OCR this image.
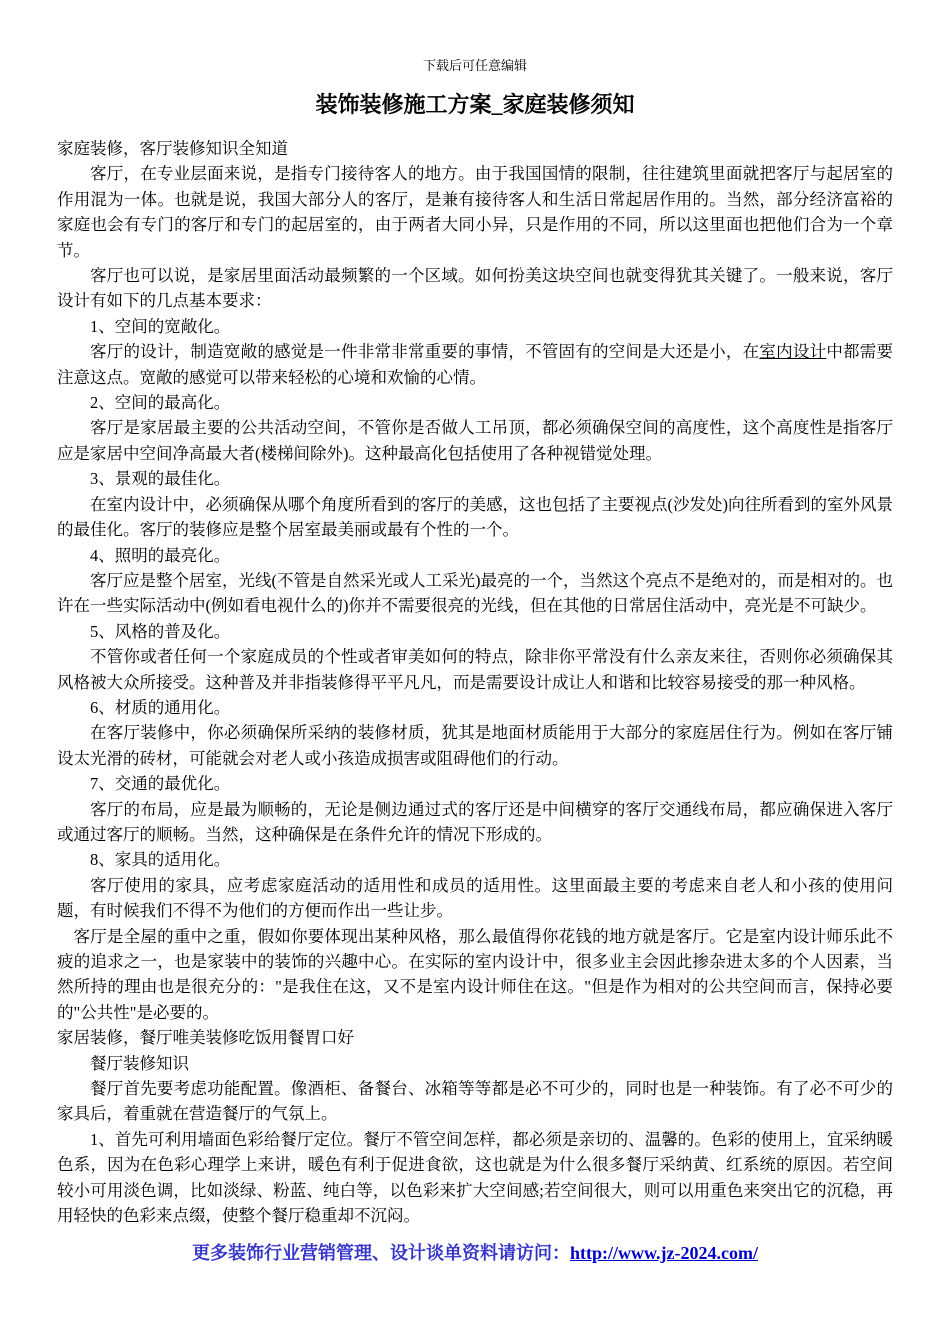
下载后可任意编辑
装饰装修施工方案_家庭装修须知

家庭装修，客厅装修知识全知道

客厅，在专业层面来说，是指专门接待客人的地方。由于我国国情的限制，往往建筑里面就把客厅与起居室的作用混为一体。也就是说，我国大部分人的客厅，是兼有接待客人和生活日常起居作用的。当然，部分经济富裕的家庭也会有专门的客厅和专门的起居室的，由于两者大同小异，只是作用的不同，所以这里面也把他们合为一个章节。

客厅也可以说，是家居里面活动最频繁的一个区域。如何扮美这块空间也就变得犹其关键了。一般来说，客厅设计有如下的几点基本要求：

1、空间的宽敞化。

客厅的设计，制造宽敞的感觉是一件非常非常重要的事情，不管固有的空间是大还是小，在室内设计中都需要注意这点。宽敞的感觉可以带来轻松的心境和欢愉的心情。

2、空间的最高化。

客厅是家居最主要的公共活动空间，不管你是否做人工吊顶，都必须确保空间的高度性，这个高度性是指客厅应是家居中空间净高最大者(楼梯间除外)。这种最高化包括使用了各种视错觉处理。

3、景观的最佳化。

在室内设计中，必须确保从哪个角度所看到的客厅的美感，这也包括了主要视点(沙发处)向往所看到的室外风景的最佳化。客厅的装修应是整个居室最美丽或最有个性的一个。

4、照明的最亮化。

客厅应是整个居室，光线(不管是自然采光或人工采光)最亮的一个，当然这个亮点不是绝对的，而是相对的。也许在一些实际活动中(例如看电视什么的)你并不需要很亮的光线，但在其他的日常居住活动中，亮光是不可缺少。

5、风格的普及化。

不管你或者任何一个家庭成员的个性或者审美如何的特点，除非你平常没有什么亲友来往，否则你必须确保其风格被大众所接受。这种普及并非指装修得平平凡凡，而是需要设计成让人和谐和比较容易接受的那一种风格。

6、材质的通用化。

在客厅装修中，你必须确保所采纳的装修材质，犹其是地面材质能用于大部分的家庭居住行为。例如在客厅铺设太光滑的砖材，可能就会对老人或小孩造成损害或阻碍他们的行动。

7、交通的最优化。

客厅的布局，应是最为顺畅的，无论是侧边通过式的客厅还是中间横穿的客厅交通线布局，都应确保进入客厅或通过客厅的顺畅。当然，这种确保是在条件允许的情况下形成的。

8、家具的适用化。

客厅使用的家具，应考虑家庭活动的适用性和成员的适用性。这里面最主要的考虑来自老人和小孩的使用问题，有时候我们不得不为他们的方便而作出一些让步。

客厅是全屋的重中之重，假如你要体现出某种风格，那么最值得你花钱的地方就是客厅。它是室内设计师乐此不疲的追求之一，也是家装中的装饰的兴趣中心。在实际的室内设计中，很多业主会因此掺杂进太多的个人因素，当然所持的理由也是很充分的："是我住在这，又不是室内设计师住在这。"但是作为相对的公共空间而言，保持必要的"公共性"是必要的。

家居装修，餐厅唯美装修吃饭用餐胃口好

餐厅装修知识

餐厅首先要考虑功能配置。像酒柜、备餐台、冰箱等等都是必不可少的，同时也是一种装饰。有了必不可少的家具后，着重就在营造餐厅的气氛上。

1、首先可利用墙面色彩给餐厅定位。餐厅不管空间怎样，都必须是亲切的、温馨的。色彩的使用上，宜采纳暖色系，因为在色彩心理学上来讲，暖色有利于促进食欲，这也就是为什么很多餐厅采纳黄、红系统的原因。若空间较小可用淡色调，比如淡绿、粉蓝、纯白等，以色彩来扩大空间感;若空间很大，则可以用重色来突出它的沉稳，再用轻快的色彩来点缀，使整个餐厅稳重却不沉闷。

更多装饰行业营销管理、设计谈单资料请访问：http://www.jz-2024.com/
